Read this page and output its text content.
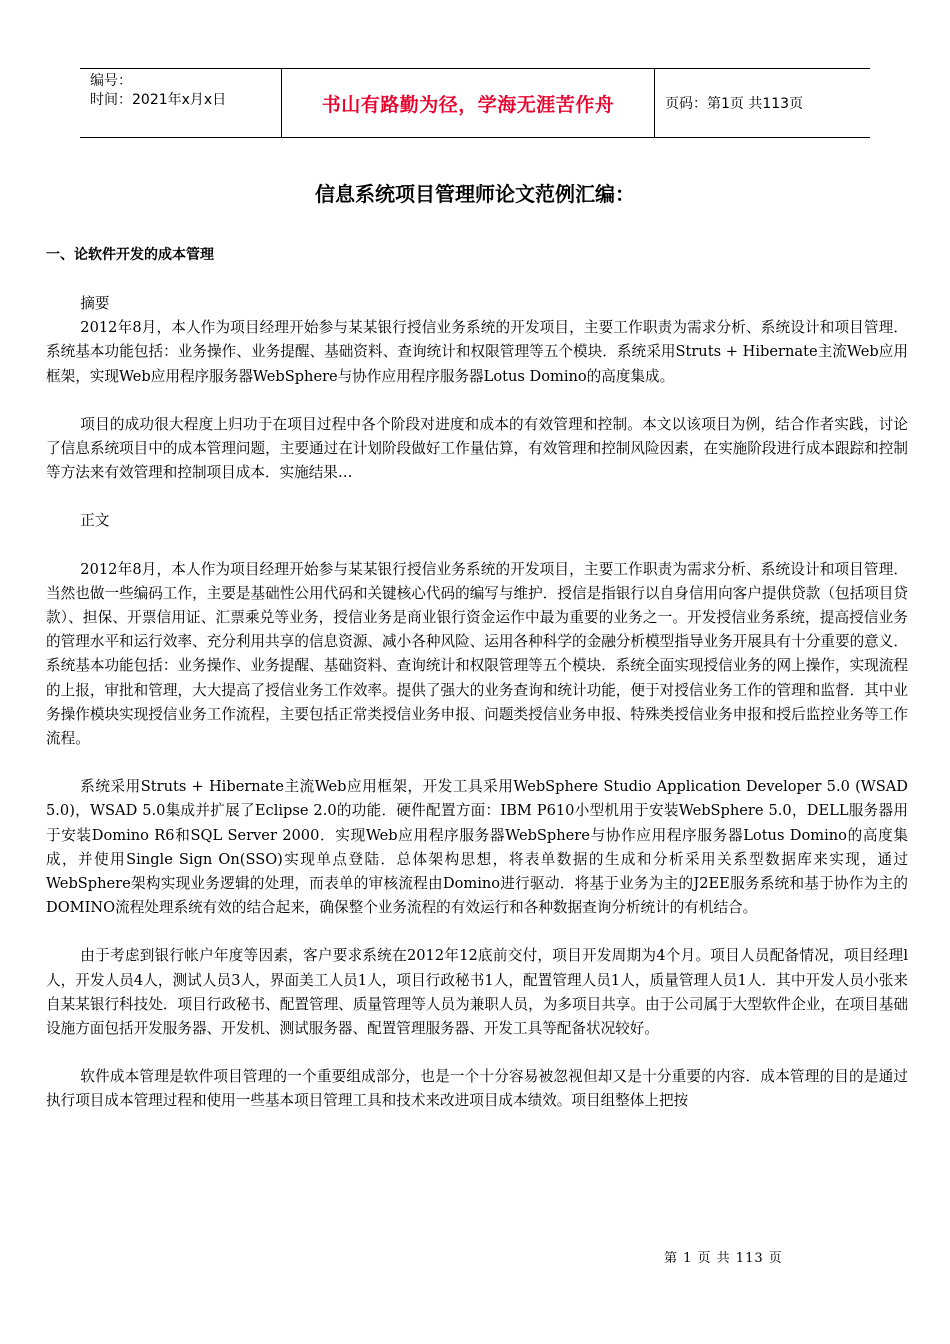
编号：
时间：2021年x月x日	书山有路勤为径，学海无涯苦作舟	页码：第1页 共113页
信息系统项目管理师论文范例汇编：
一、论软件开发的成本管理

摘要

2012年8月，本人作为项目经理开始参与某某银行授信业务系统的开发项目，主要工作职责为需求分析、系统设计和项目管理．系统基本功能包括：业务操作、业务提醒、基础资料、查询统计和权限管理等五个模块．系统采用Struts + Hibernate主流Web应用框架，实现Web应用程序服务器WebSphere与协作应用程序服务器Lotus Domino的高度集成。

项目的成功很大程度上归功于在项目过程中各个阶段对进度和成本的有效管理和控制。本文以该项目为例，结合作者实践，讨论了信息系统项目中的成本管理问题，主要通过在计划阶段做好工作量估算，有效管理和控制风险因素，在实施阶段进行成本跟踪和控制等方法来有效管理和控制项目成本．实施结果…

正文

2012年8月，本人作为项目经理开始参与某某银行授信业务系统的开发项目，主要工作职责为需求分析、系统设计和项目管理．当然也做一些编码工作，主要是基础性公用代码和关键核心代码的编写与维护．授信是指银行以自身信用向客户提供贷款（包括项目贷款）、担保、开票信用证、汇票乘兑等业务，授信业务是商业银行资金运作中最为重要的业务之一。开发授信业务系统，提高授信业务的管理水平和运行效率、充分利用共享的信息资源、减小各种风险、运用各种科学的金融分析模型指导业务开展具有十分重要的意义．系统基本功能包括：业务操作、业务提醒、基础资料、查询统计和权限管理等五个模块．系统全面实现授信业务的网上操作，实现流程的上报，审批和管理，大大提高了授信业务工作效率。提供了强大的业务查询和统计功能，便于对授信业务工作的管理和监督．其中业务操作模块实现授信业务工作流程，主要包括正常类授信业务申报、问题类授信业务申报、特殊类授信业务申报和授后监控业务等工作流程。

系统采用Struts + Hibernate主流Web应用框架，开发工具采用WebSphere Studio Application Developer 5.0 (WSAD 5.0)，WSAD 5.0集成并扩展了Eclipse 2.0的功能．硬件配置方面：IBM P610小型机用于安装WebSphere 5.0，DELL服务器用于安装Domino R6和SQL Server 2000．实现Web应用程序服务器WebSphere与协作应用程序服务器Lotus Domino的高度集成，并使用Single Sign On(SSO)实现单点登陆．总体架构思想，将表单数据的生成和分析采用关系型数据库来实现，通过WebSphere架构实现业务逻辑的处理，而表单的审核流程由Domino进行驱动．将基于业务为主的J2EE服务系统和基于协作为主的DOMINO流程处理系统有效的结合起来，确保整个业务流程的有效运行和各种数据查询分析统计的有机结合。

由于考虑到银行帐户年度等因素，客户要求系统在2012年12底前交付，项目开发周期为4个月。项目人员配备情况，项目经理l人，开发人员4人，测试人员3人，界面美工人员1人，项目行政秘书1人，配置管理人员1人，质量管理人员1人．其中开发人员小张来自某某银行科技处．项目行政秘书、配置管理、质量管理等人员为兼职人员，为多项目共享。由于公司属于大型软件企业，在项目基础设施方面包括开发服务器、开发机、测试服务器、配置管理服务器、开发工具等配备状况较好。

软件成本管理是软件项目管理的一个重要组成部分，也是一个十分容易被忽视但却又是十分重要的内容．成本管理的目的是通过执行项目成本管理过程和使用一些基本项目管理工具和技术来改进项目成本绩效。项目组整体上把按

第 1 页 共 113 页
